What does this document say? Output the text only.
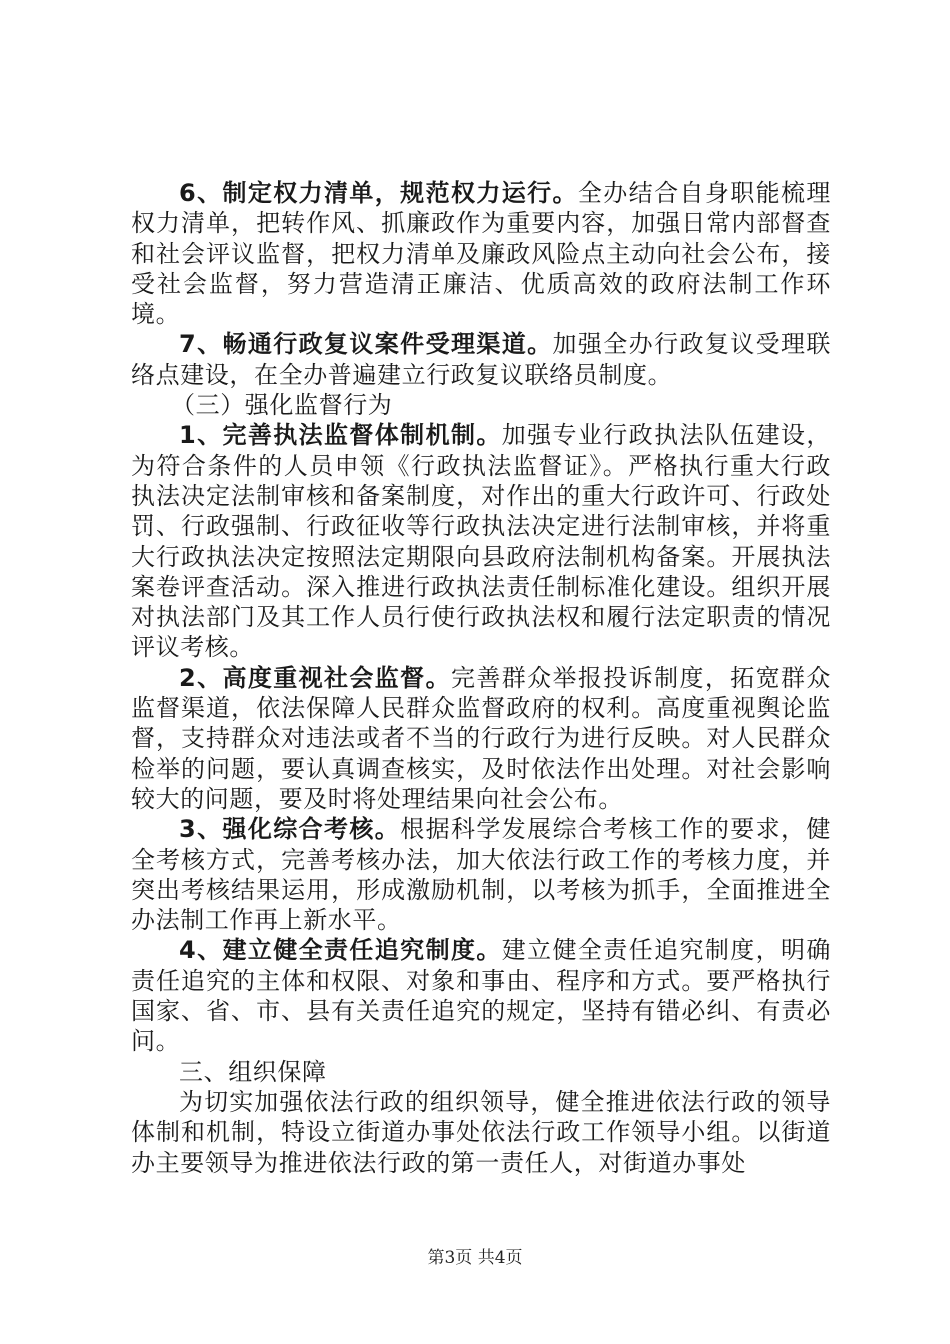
6、制定权力清单，规范权力运行。全办结合自身职能梳理权力清单，把转作风、抓廉政作为重要内容，加强日常内部督查和社会评议监督，把权力清单及廉政风险点主动向社会公布，接受社会监督，努力营造清正廉洁、优质高效的政府法制工作环境。

7、畅通行政复议案件受理渠道。加强全办行政复议受理联络点建设，在全办普遍建立行政复议联络员制度。

（三）强化监督行为

1、完善执法监督体制机制。加强专业行政执法队伍建设，为符合条件的人员申领《行政执法监督证》。严格执行重大行政执法决定法制审核和备案制度，对作出的重大行政许可、行政处罚、行政强制、行政征收等行政执法决定进行法制审核，并将重大行政执法决定按照法定期限向县政府法制机构备案。开展执法案卷评查活动。深入推进行政执法责任制标准化建设。组织开展对执法部门及其工作人员行使行政执法权和履行法定职责的情况评议考核。

2、高度重视社会监督。完善群众举报投诉制度，拓宽群众监督渠道，依法保障人民群众监督政府的权利。高度重视舆论监督，支持群众对违法或者不当的行政行为进行反映。对人民群众检举的问题，要认真调查核实，及时依法作出处理。对社会影响较大的问题，要及时将处理结果向社会公布。

3、强化综合考核。根据科学发展综合考核工作的要求，健全考核方式，完善考核办法，加大依法行政工作的考核力度，并突出考核结果运用，形成激励机制，以考核为抓手，全面推进全办法制工作再上新水平。

4、建立健全责任追究制度。建立健全责任追究制度，明确责任追究的主体和权限、对象和事由、程序和方式。要严格执行国家、省、市、县有关责任追究的规定，坚持有错必纠、有责必问。

三、组织保障

为切实加强依法行政的组织领导，健全推进依法行政的领导体制和机制，特设立街道办事处依法行政工作领导小组。以街道办主要领导为推进依法行政的第一责任人，对街道办事处

第3页 共4页
